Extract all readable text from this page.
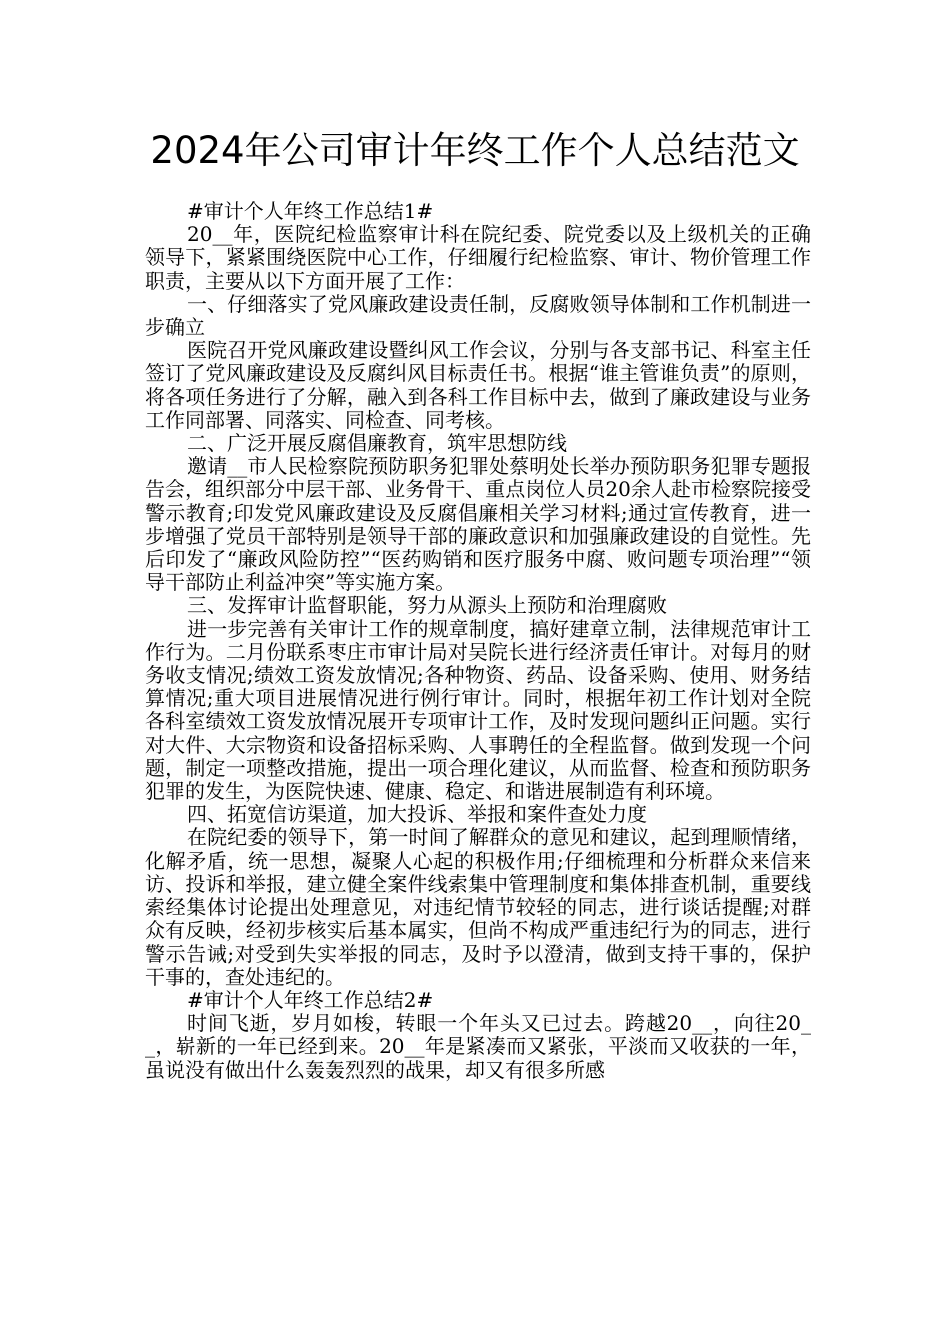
2024年公司审计年终工作个人总结范文

#审计个人年终工作总结1#

20__年，医院纪检监察审计科在院纪委、院党委以及上级机关的正确领导下，紧紧围绕医院中心工作，仔细履行纪检监察、审计、物价管理工作职责，主要从以下方面开展了工作：

一、仔细落实了党风廉政建设责任制，反腐败领导体制和工作机制进一步确立

医院召开党风廉政建设暨纠风工作会议，分别与各支部书记、科室主任签订了党风廉政建设及反腐纠风目标责任书。根据“谁主管谁负责”的原则，将各项任务进行了分解，融入到各科工作目标中去，做到了廉政建设与业务工作同部署、同落实、同检查、同考核。

二、广泛开展反腐倡廉教育，筑牢思想防线

邀请__市人民检察院预防职务犯罪处蔡明处长举办预防职务犯罪专题报告会，组织部分中层干部、业务骨干、重点岗位人员20余人赴市检察院接受警示教育;印发党风廉政建设及反腐倡廉相关学习材料;通过宣传教育，进一步增强了党员干部特别是领导干部的廉政意识和加强廉政建设的自觉性。先后印发了“廉政风险防控”“医药购销和医疗服务中腐、败问题专项治理”“领导干部防止利益冲突”等实施方案。

三、发挥审计监督职能，努力从源头上预防和治理腐败

进一步完善有关审计工作的规章制度，搞好建章立制，法律规范审计工作行为。二月份联系枣庄市审计局对吴院长进行经济责任审计。对每月的财务收支情况;绩效工资发放情况;各种物资、药品、设备采购、使用、财务结算情况;重大项目进展情况进行例行审计。同时，根据年初工作计划对全院各科室绩效工资发放情况展开专项审计工作，及时发现问题纠正问题。实行对大件、大宗物资和设备招标采购、人事聘任的全程监督。做到发现一个问题，制定一项整改措施，提出一项合理化建议，从而监督、检查和预防职务犯罪的发生，为医院快速、健康、稳定、和谐进展制造有利环境。

四、拓宽信访渠道，加大投诉、举报和案件查处力度

在院纪委的领导下，第一时间了解群众的意见和建议，起到理顺情绪，化解矛盾，统一思想，凝聚人心起的积极作用;仔细梳理和分析群众来信来访、投诉和举报，建立健全案件线索集中管理制度和集体排查机制，重要线索经集体讨论提出处理意见，对违纪情节较轻的同志，进行谈话提醒;对群众有反映，经初步核实后基本属实，但尚不构成严重违纪行为的同志，进行警示告诫;对受到失实举报的同志，及时予以澄清，做到支持干事的，保护干事的，查处违纪的。

#审计个人年终工作总结2#

时间飞逝，岁月如梭，转眼一个年头又已过去。跨越20__，向往20__，崭新的一年已经到来。20__年是紧凑而又紧张，平淡而又收获的一年，虽说没有做出什么轰轰烈烈的战果，却又有很多所感
